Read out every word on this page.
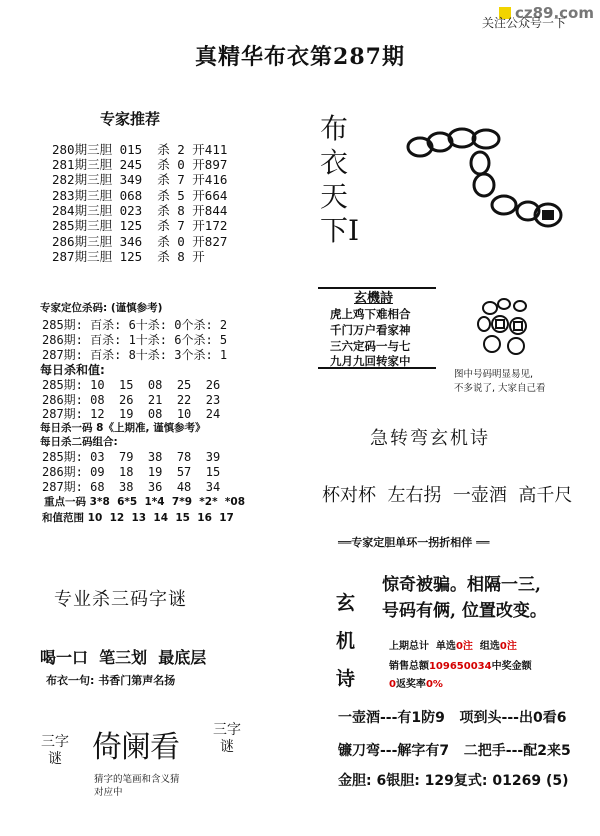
cz89.com
关注公众号一下
真精华布衣第287期
专家推荐
280期三胆 015  杀 2 开411
281期三胆 245  杀 0 开897
282期三胆 349  杀 7 开416
283期三胆 068  杀 5 开664
284期三胆 023  杀 8 开844
285期三胆 125  杀 7 开172
286期三胆 346  杀 0 开827
287期三胆 125  杀 8 开
专家定位杀码: (谨慎参考)
285期: 百杀: 6十杀: 0个杀: 2
286期: 百杀: 1十杀: 6个杀: 5
287期: 百杀: 8十杀: 3个杀: 1
每日杀和值:
285期: 10  15  08  25  26
286期: 08  26  21  22  23
287期: 12  19  08  10  24
每日杀一码 8《上期准, 谨慎参考》
每日杀二码组合:
285期: 03  79  38  78  39
286期: 09  18  19  57  15
287期: 68  38  36  48  34
重点一码 3*8  6*5  1*4  7*9  *2*  *08
和值范围 10  12  13  14  15  16  17
布衣天下Ⅰ
玄機詩
虎上鸡下难相合
千门万户看家神
三六定码一与七
九月九回转家中
图中号码明显易见,
不多说了, 大家自己看
急转弯玄机诗
杯对杯  左右拐  一壶酒  高千尺
══专家定胆单环一拐折相伴 ══
玄机诗
惊奇被骗。相隔一三,
号码有俩, 位置改变。

上期总计  单选0注  组选0注

销售总额109650034中奖金额

0返奖率0%

一壶酒---有1防9   项到头---出0看6
镰刀弯---解字有7   二把手---配2来5
金胆: 6银胆: 129复式: 01269 (5)
专业杀三码字谜
喝一口  笔三划  最底层
布衣一句: 书香门第声名扬
倚阑看
猜字的笔画和含义猜
对应中
三字谜
三字谜
